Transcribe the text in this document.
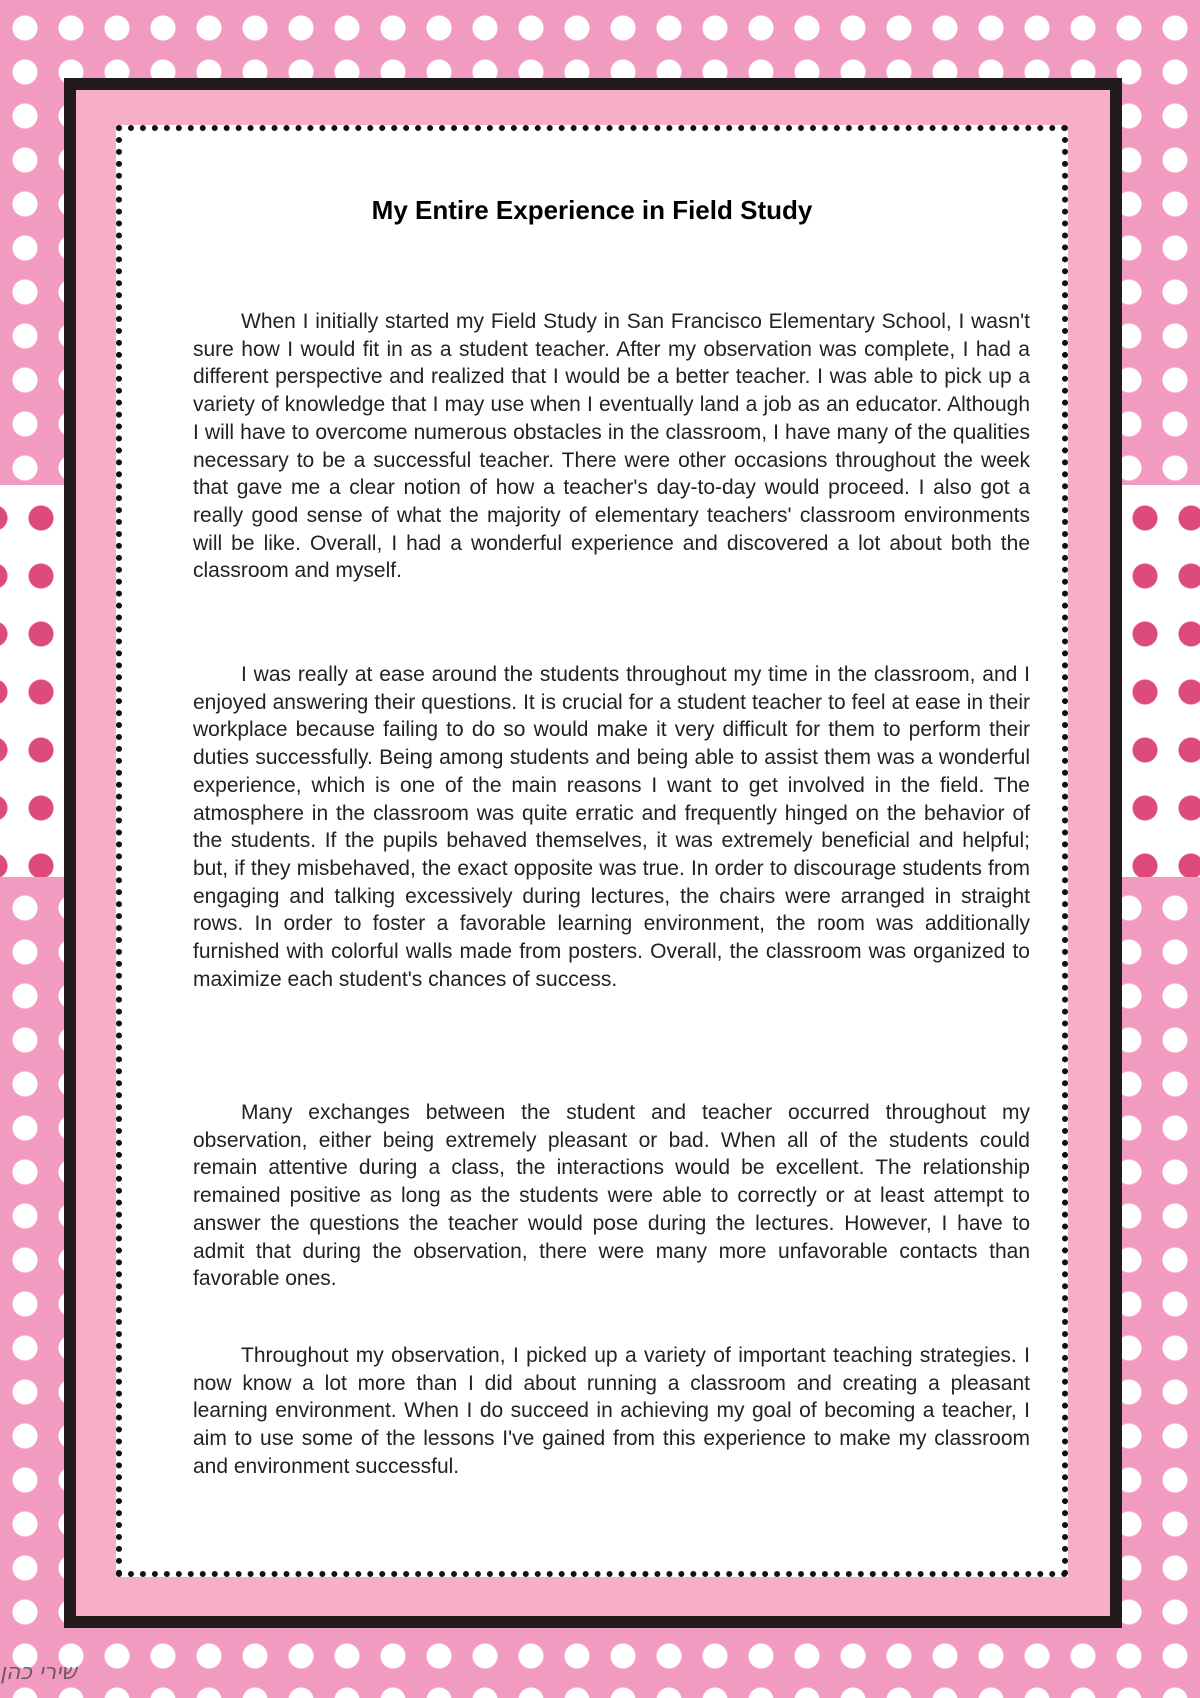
My Entire Experience in Field Study

When I initially started my Field Study in San Francisco Elementary School, I wasn't sure how I would fit in as a student teacher. After my observation was complete, I had a different perspective and realized that I would be a better teacher. I was able to pick up a variety of knowledge that I may use when I eventually land a job as an educator. Although I will have to overcome numerous obstacles in the classroom, I have many of the qualities necessary to be a successful teacher. There were other occasions throughout the week that gave me a clear notion of how a teacher's day-to-day would proceed. I also got a really good sense of what the majority of elementary teachers' classroom environments will be like. Overall, I had a wonderful experience and discovered a lot about both the classroom and myself.

I was really at ease around the students throughout my time in the classroom, and I enjoyed answering their questions. It is crucial for a student teacher to feel at ease in their workplace because failing to do so would make it very difficult for them to perform their duties successfully. Being among students and being able to assist them was a wonderful experience, which is one of the main reasons I want to get involved in the field. The atmosphere in the classroom was quite erratic and frequently hinged on the behavior of the students. If the pupils behaved themselves, it was extremely beneficial and helpful; but, if they misbehaved, the exact opposite was true. In order to discourage students from engaging and talking excessively during lectures, the chairs were arranged in straight rows. In order to foster a favorable learning environment, the room was additionally furnished with colorful walls made from posters. Overall, the classroom was organized to maximize each student's chances of success.

Many exchanges between the student and teacher occurred throughout my observation, either being extremely pleasant or bad. When all of the students could remain attentive during a class, the interactions would be excellent. The relationship remained positive as long as the students were able to correctly or at least attempt to answer the questions the teacher would pose during the lectures. However, I have to admit that during the observation, there were many more unfavorable contacts than favorable ones.

Throughout my observation, I picked up a variety of important teaching strategies. I now know a lot more than I did about running a classroom and creating a pleasant learning environment. When I do succeed in achieving my goal of becoming a teacher, I aim to use some of the lessons I've gained from this experience to make my classroom and environment successful.

שירי כהן
